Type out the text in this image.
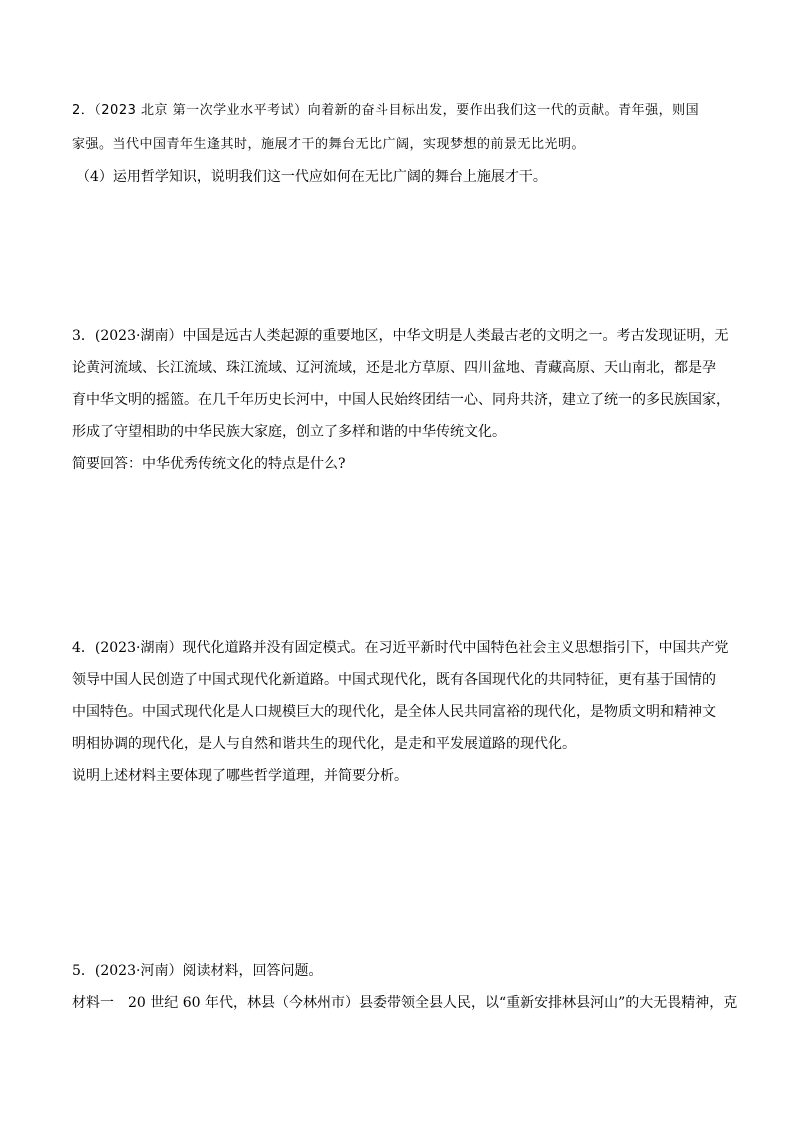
2．（2023 北京 第一次学业水平考试）向着新的奋斗目标出发，要作出我们这一代的贡献。青年强，则国
家强。当代中国青年生逢其时，施展才干的舞台无比广阔，实现梦想的前景无比光明。
（4）运用哲学知识，说明我们这一代应如何在无比广阔的舞台上施展才干。
3．(2023·湖南）中国是远古人类起源的重要地区，中华文明是人类最古老的文明之一。考古发现证明，无
论黄河流域、长江流域、珠江流域、辽河流域，还是北方草原、四川盆地、青藏高原、天山南北，都是孕
育中华文明的摇篮。在几千年历史长河中，中国人民始终团结一心、同舟共济，建立了统一的多民族国家，
形成了守望相助的中华民族大家庭，创立了多样和谐的中华传统文化。
简要回答：中华优秀传统文化的特点是什么?
4．(2023·湖南）现代化道路并没有固定模式。在习近平新时代中国特色社会主义思想指引下，中国共产党
领导中国人民创造了中国式现代化新道路。中国式现代化，既有各国现代化的共同特征，更有基于国情的
中国特色。中国式现代化是人口规模巨大的现代化，是全体人民共同富裕的现代化，是物质文明和精神文
明相协调的现代化，是人与自然和谐共生的现代化，是走和平发展道路的现代化。
说明上述材料主要体现了哪些哲学道理，并简要分析。
5．(2023·河南）阅读材料，回答问题。
材料一　20 世纪 60 年代，林县（今林州市）县委带领全县人民，以“重新安排林县河山”的大无畏精神，克
